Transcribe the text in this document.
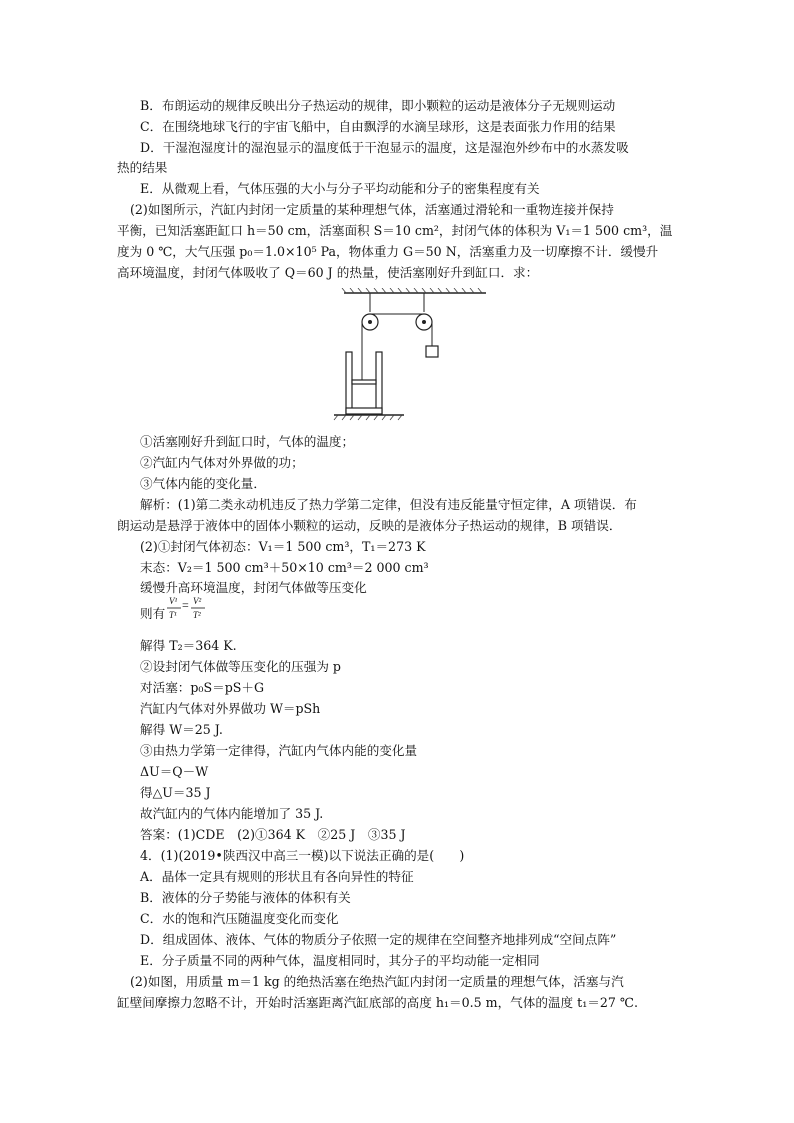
B．布朗运动的规律反映出分子热运动的规律，即小颗粒的运动是液体分子无规则运动
C．在围绕地球飞行的宇宙飞船中，自由飘浮的水滴呈球形，这是表面张力作用的结果
D．干湿泡湿度计的湿泡显示的温度低于干泡显示的温度，这是湿泡外纱布中的水蒸发吸
热的结果
E．从微观上看，气体压强的大小与分子平均动能和分子的密集程度有关
(2)如图所示，汽缸内封闭一定质量的某种理想气体，活塞通过滑轮和一重物连接并保持
平衡，已知活塞距缸口 h＝50 cm，活塞面积 S＝10 cm²，封闭气体的体积为 V₁＝1 500 cm³，温
度为 0 ℃，大气压强 p₀＝1.0×10⁵ Pa，物体重力 G＝50 N，活塞重力及一切摩擦不计．缓慢升
高环境温度，封闭气体吸收了 Q＝60 J 的热量，使活塞刚好升到缸口．求：
①活塞刚好升到缸口时，气体的温度；
②汽缸内气体对外界做的功；
③气体内能的变化量．
解析：(1)第二类永动机违反了热力学第二定律，但没有违反能量守恒定律，A 项错误．布
朗运动是悬浮于液体中的固体小颗粒的运动，反映的是液体分子热运动的规律，B 项错误．
(2)①封闭气体初态：V₁＝1 500 cm³，T₁＝273 K
末态：V₂＝1 500 cm³＋50×10 cm³＝2 000 cm³
缓慢升高环境温度，封闭气体做等压变化
则有
V¹
T¹
= V²
T²
解得 T₂＝364 K.
②设封闭气体做等压变化的压强为 p
对活塞：p₀S＝pS＋G
汽缸内气体对外界做功 W＝pSh
解得 W＝25 J.
③由热力学第一定律得，汽缸内气体内能的变化量
ΔU＝Q－W
得△U＝35 J
故汽缸内的气体内能增加了 35 J.
答案：(1)CDE　(2)①364 K　②25 J　③35 J
4．(1)(2019•陕西汉中高三一模)以下说法正确的是(　　)
A．晶体一定具有规则的形状且有各向异性的特征
B．液体的分子势能与液体的体积有关
C．水的饱和汽压随温度变化而变化
D．组成固体、液体、气体的物质分子依照一定的规律在空间整齐地排列成“空间点阵”
E．分子质量不同的两种气体，温度相同时，其分子的平均动能一定相同
(2)如图，用质量 m＝1 kg 的绝热活塞在绝热汽缸内封闭一定质量的理想气体，活塞与汽
缸壁间摩擦力忽略不计，开始时活塞距离汽缸底部的高度 h₁＝0.5 m，气体的温度 t₁＝27 ℃.
